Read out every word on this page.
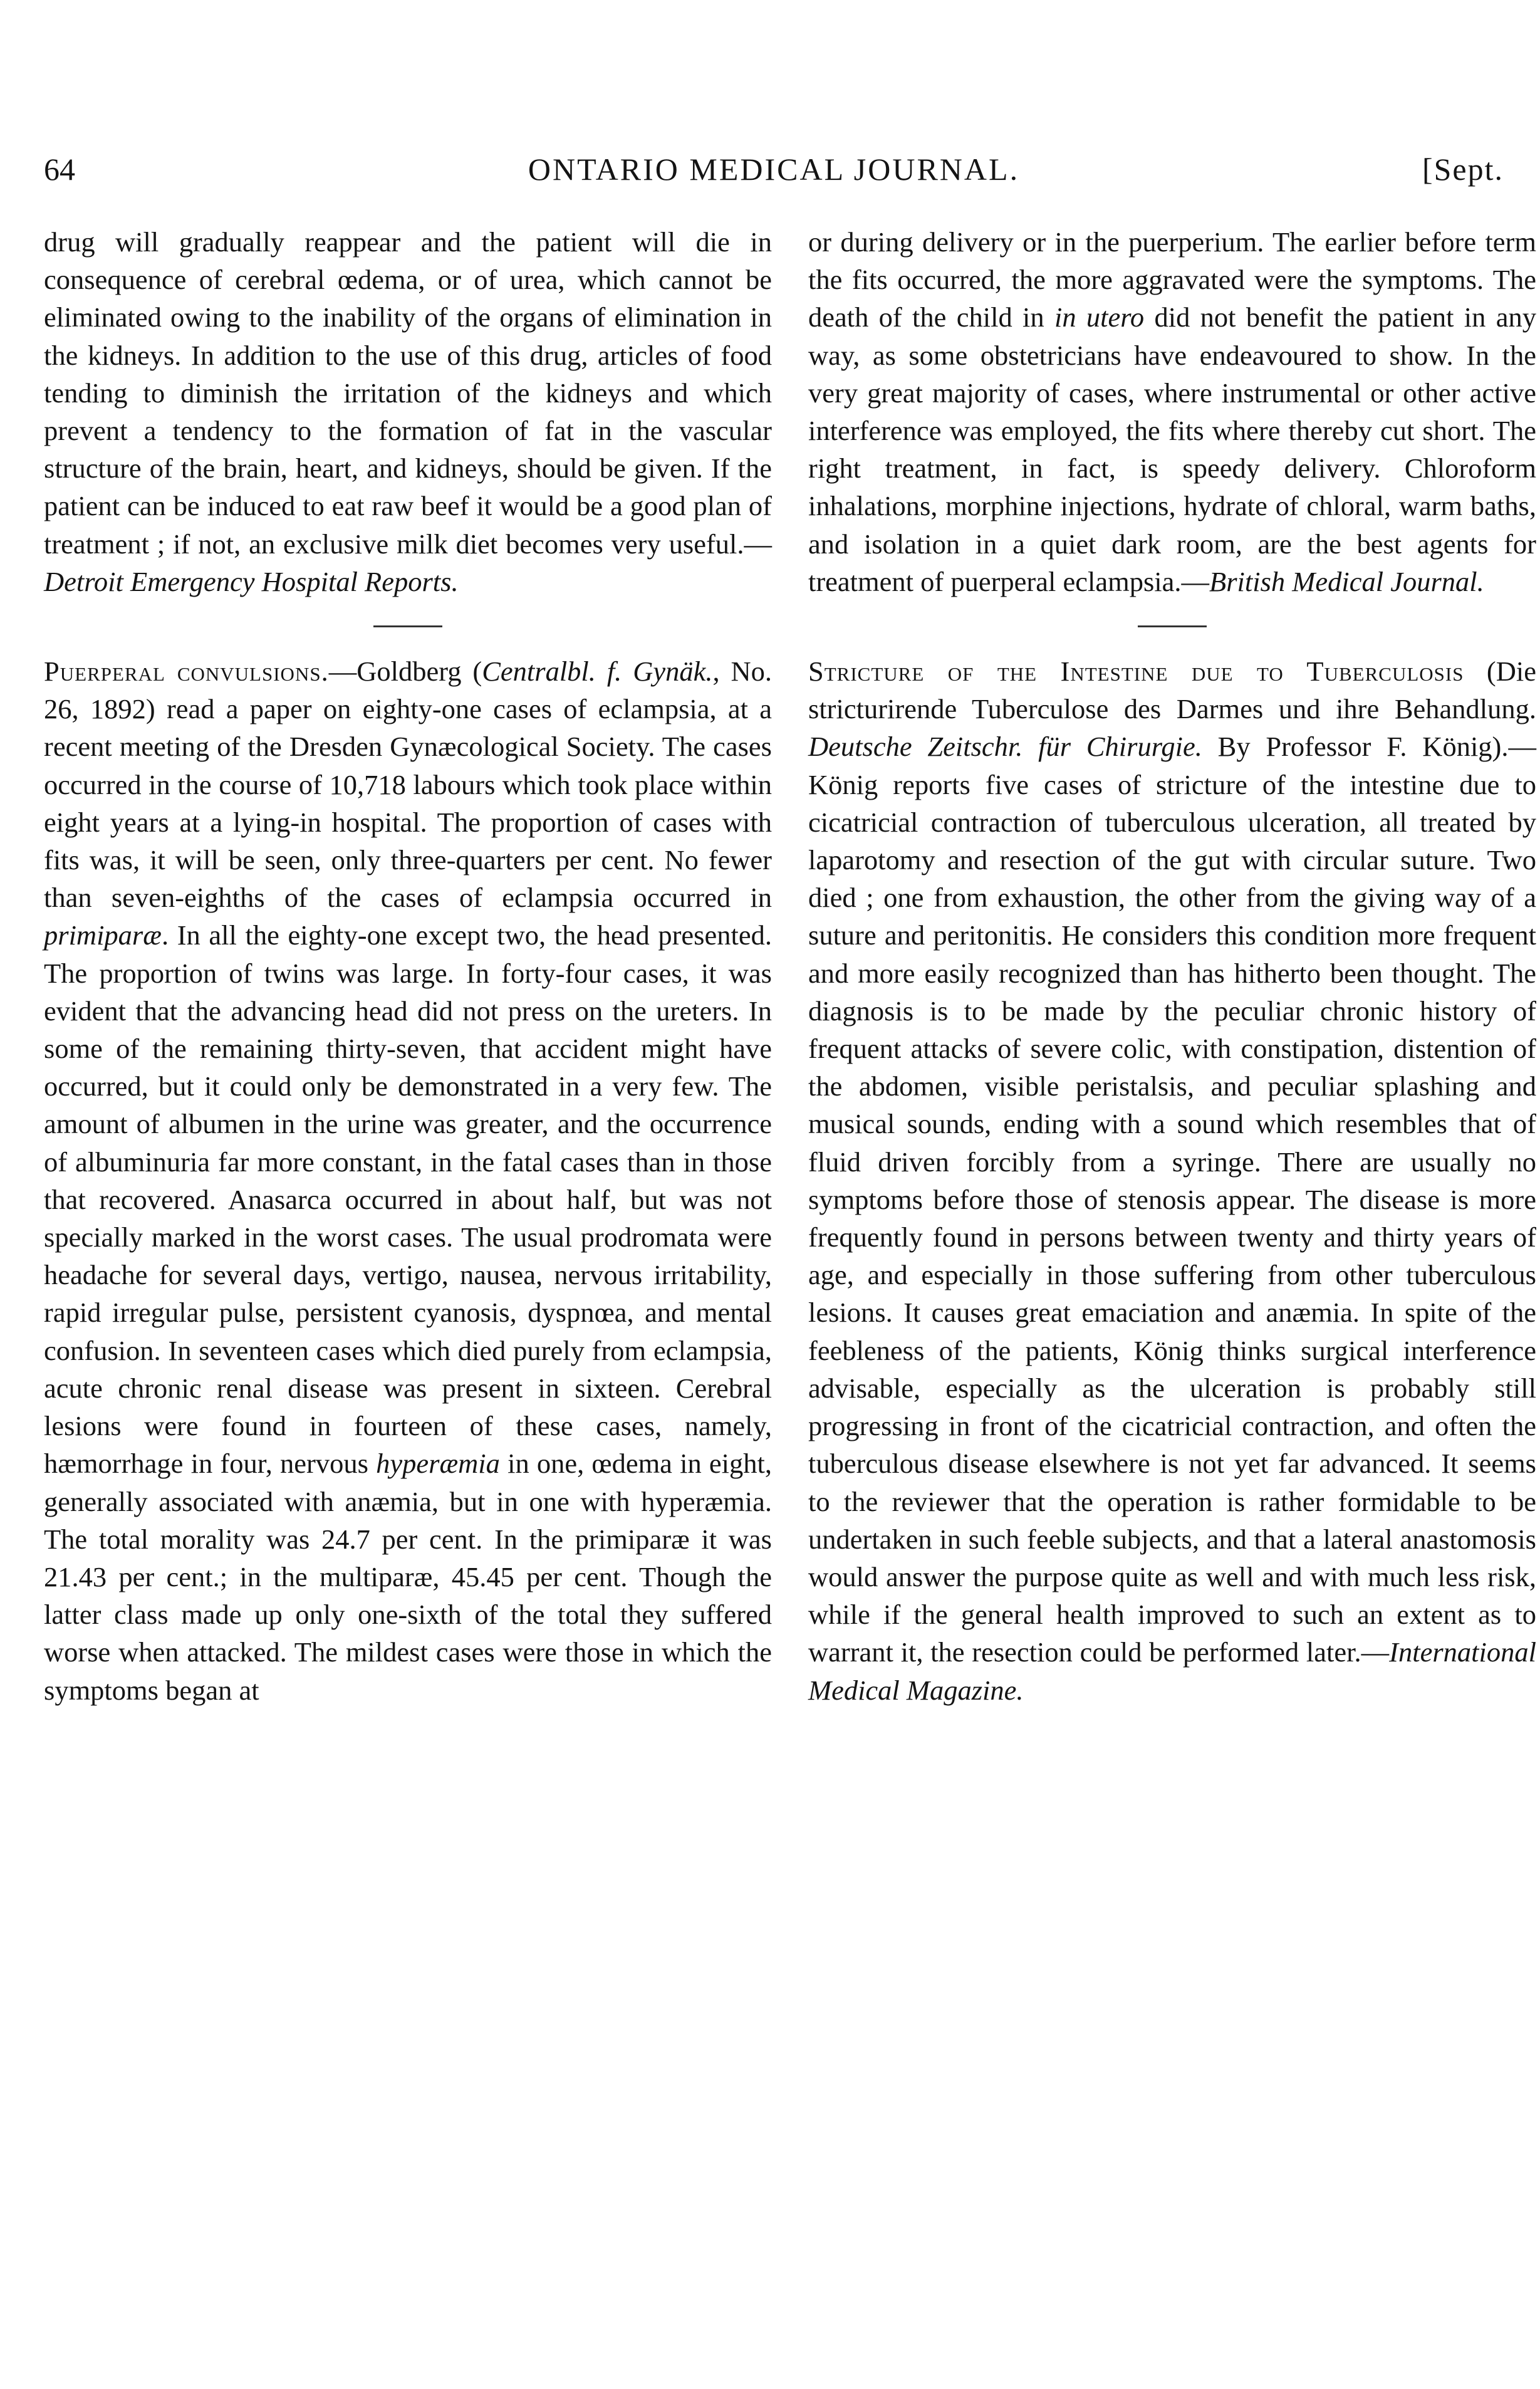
64	ONTARIO MEDICAL JOURNAL.	[Sept.

drug will gradually reappear and the patient will die in consequence of cerebral œdema, or of urea, which cannot be eliminated owing to the inability of the organs of elimination in the kidneys. In addition to the use of this drug, articles of food tending to diminish the irritation of the kidneys and which prevent a tendency to the formation of fat in the vascular structure of the brain, heart, and kidneys, should be given. If the patient can be induced to eat raw beef it would be a good plan of treatment ; if not, an exclusive milk diet becomes very useful.—Detroit Emergency Hospital Reports.

Puerperal convulsions.—Goldberg (Centralbl. f. Gynäk., No. 26, 1892) read a paper on eighty-one cases of eclampsia, at a recent meeting of the Dresden Gynæcological Society. The cases occurred in the course of 10,718 labours which took place within eight years at a lying-in hospital. The proportion of cases with fits was, it will be seen, only three-quarters per cent. No fewer than seven-eighths of the cases of eclampsia occurred in primiparæ. In all the eighty-one except two, the head presented. The proportion of twins was large. In forty-four cases, it was evident that the advancing head did not press on the ureters. In some of the remaining thirty-seven, that accident might have occurred, but it could only be demonstrated in a very few. The amount of albumen in the urine was greater, and the occurrence of albuminuria far more constant, in the fatal cases than in those that recovered. Anasarca occurred in about half, but was not specially marked in the worst cases. The usual prodromata were headache for several days, vertigo, nausea, nervous irritability, rapid irregular pulse, persistent cyanosis, dyspnœa, and mental confusion. In seventeen cases which died purely from eclampsia, acute chronic renal disease was present in sixteen. Cerebral lesions were found in fourteen of these cases, namely, hæmorrhage in four, nervous hyperæmia in one, œdema in eight, generally associated with anæmia, but in one with hyperæmia. The total morality was 24.7 per cent. In the primiparæ it was 21.43 per cent.; in the multiparæ, 45.45 per cent. Though the latter class made up only one-sixth of the total they suffered worse when attacked. The mildest cases were those in which the symptoms began at

or during delivery or in the puerperium. The earlier before term the fits occurred, the more aggravated were the symptoms. The death of the child in in utero did not benefit the patient in any way, as some obstetricians have endeavoured to show. In the very great majority of cases, where instrumental or other active interference was employed, the fits where thereby cut short. The right treatment, in fact, is speedy delivery. Chloroform inhalations, morphine injections, hydrate of chloral, warm baths, and isolation in a quiet dark room, are the best agents for treatment of puerperal eclampsia.—British Medical Journal.

Stricture of the Intestine due to Tuberculosis (Die stricturirende Tuberculose des Darmes und ihre Behandlung. Deutsche Zeitschr. für Chirurgie. By Professor F. König).—König reports five cases of stricture of the intestine due to cicatricial contraction of tuberculous ulceration, all treated by laparotomy and resection of the gut with circular suture. Two died ; one from exhaustion, the other from the giving way of a suture and peritonitis. He considers this condition more frequent and more easily recognized than has hitherto been thought. The diagnosis is to be made by the peculiar chronic history of frequent attacks of severe colic, with constipation, distention of the abdomen, visible peristalsis, and peculiar splashing and musical sounds, ending with a sound which resembles that of fluid driven forcibly from a syringe. There are usually no symptoms before those of stenosis appear. The disease is more frequently found in persons between twenty and thirty years of age, and especially in those suffering from other tuberculous lesions. It causes great emaciation and anæmia. In spite of the feebleness of the patients, König thinks surgical interference advisable, especially as the ulceration is probably still progressing in front of the cicatricial contraction, and often the tuberculous disease elsewhere is not yet far advanced. It seems to the reviewer that the operation is rather formidable to be undertaken in such feeble subjects, and that a lateral anastomosis would answer the purpose quite as well and with much less risk, while if the general health improved to such an extent as to warrant it, the resection could be performed later.—International Medical Magazine.
